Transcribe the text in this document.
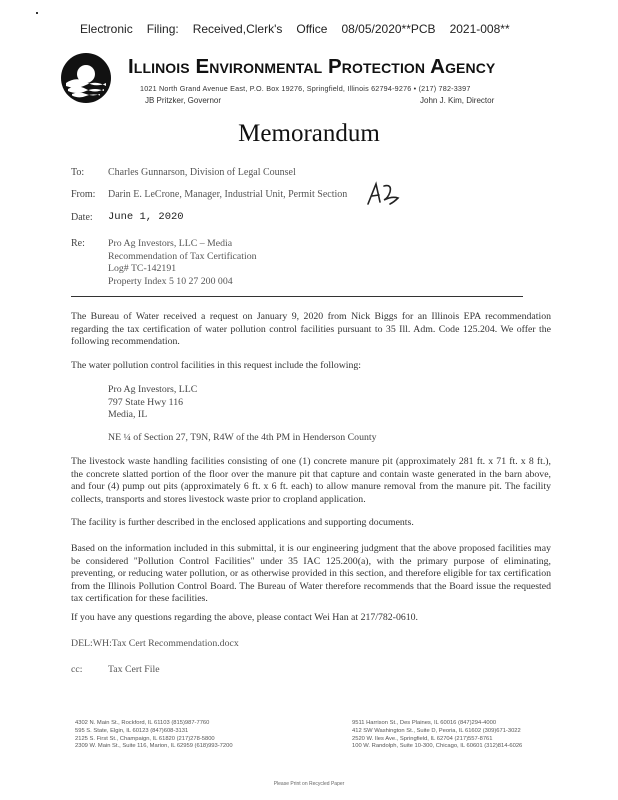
Electronic Filing: Received,Clerk's Office 08/05/2020**PCB 2021-008**
Illinois Environmental Protection Agency
1021 North Grand Avenue East, P.O. Box 19276, Springfield, Illinois 62794-9276 • (217) 782-3397
JB Pritzker, Governor	John J. Kim, Director
Memorandum
To: Charles Gunnarson, Division of Legal Counsel
From: Darin E. LeCrone, Manager, Industrial Unit, Permit Section
Date: June 1, 2020
Re: Pro Ag Investors, LLC – Media
Recommendation of Tax Certification
Log# TC-142191
Property Index 5 10 27 200 004
The Bureau of Water received a request on January 9, 2020 from Nick Biggs for an Illinois EPA recommendation regarding the tax certification of water pollution control facilities pursuant to 35 Ill. Adm. Code 125.204. We offer the following recommendation.
The water pollution control facilities in this request include the following:
Pro Ag Investors, LLC
797 State Hwy 116
Media, IL
NE ¼ of Section 27, T9N, R4W of the 4th PM in Henderson County
The livestock waste handling facilities consisting of one (1) concrete manure pit (approximately 281 ft. x 71 ft. x 8 ft.), the concrete slatted portion of the floor over the manure pit that capture and contain waste generated in the barn above, and four (4) pump out pits (approximately 6 ft. x 6 ft. each) to allow manure removal from the manure pit. The facility collects, transports and stores livestock waste prior to cropland application.
The facility is further described in the enclosed applications and supporting documents.
Based on the information included in this submittal, it is our engineering judgment that the above proposed facilities may be considered "Pollution Control Facilities" under 35 IAC 125.200(a), with the primary purpose of eliminating, preventing, or reducing water pollution, or as otherwise provided in this section, and therefore eligible for tax certification from the Illinois Pollution Control Board. The Bureau of Water therefore recommends that the Board issue the requested tax certification for these facilities.
If you have any questions regarding the above, please contact Wei Han at 217/782-0610.
DEL:WH:Tax Cert Recommendation.docx
cc:	Tax Cert File
4302 N. Main St., Rockford, IL 61103 (815)987-7760
595 S. State, Elgin, IL 60123 (847)608-3131
2125 S. First St., Champaign, IL 61820 (217)278-5800
2309 W. Main St., Suite 116, Marion, IL 62959 (618)993-7200
9511 Harrison St., Des Plaines, IL 60016 (847)294-4000
412 SW Washington St., Suite D, Peoria, IL 61602 (309)671-3022
2520 W. Iles Ave., Springfield, IL 62704 (217)557-8761
100 W. Randolph, Suite 10-300, Chicago, IL 60601 (312)814-6026
Please Print on Recycled Paper
